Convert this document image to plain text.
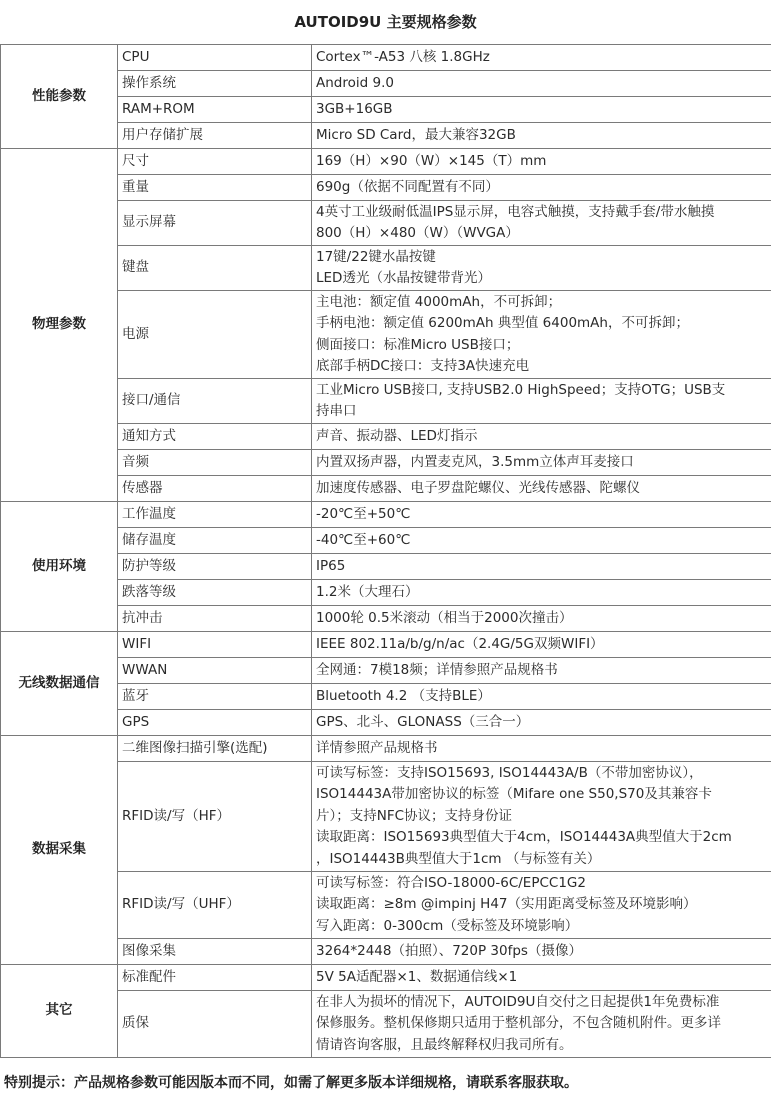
AUTOID9U 主要规格参数
性能参数	CPU	Cortex™-A53 八核 1.8GHz

	操作系统	Android 9.0

	RAM+ROM	3GB+16GB

	用户存储扩展	Micro SD Card，最大兼容32GB

物理参数	尺寸	169（H）×90（W）×145（T）mm

	重量	690g（依据不同配置有不同）

	显示屏幕	4英寸工业级耐低温IPS显示屏，电容式触摸，支持戴手套/带水触摸
800（H）×480（W）（WVGA）

	键盘	17键/22键水晶按键
LED透光（水晶按键带背光）

	电源	主电池：额定值 4000mAh，不可拆卸；
手柄电池：额定值 6200mAh 典型值 6400mAh，不可拆卸；
侧面接口：标准Micro USB接口；
底部手柄DC接口：支持3A快速充电

	接口/通信	工业Micro USB接口, 支持USB2.0 HighSpeed；支持OTG；USB支
持串口

	通知方式	声音、振动器、LED灯指示

	音频	内置双扬声器，内置麦克风，3.5mm立体声耳麦接口

	传感器	加速度传感器、电子罗盘陀螺仪、光线传感器、陀螺仪

使用环境	工作温度	-20℃至+50℃

	储存温度	-40℃至+60℃

	防护等级	IP65

	跌落等级	1.2米（大理石）

	抗冲击	1000轮 0.5米滚动（相当于2000次撞击）

无线数据通信	WIFI	IEEE 802.11a/b/g/n/ac（2.4G/5G双频WIFI）

	WWAN	全网通：7模18频；详情参照产品规格书

	蓝牙	Bluetooth 4.2 （支持BLE）

	GPS	GPS、北斗、GLONASS（三合一）

数据采集	二维图像扫描引擎(选配)	详情参照产品规格书

	RFID读/写（HF）	可读写标签：支持ISO15693, ISO14443A/B（不带加密协议），
ISO14443A带加密协议的标签（Mifare one S50,S70及其兼容卡
片）；支持NFC协议；支持身份证
读取距离：ISO15693典型值大于4cm，ISO14443A典型值大于2cm
，ISO14443B典型值大于1cm （与标签有关）

	RFID读/写（UHF）	可读写标签：符合ISO-18000-6C/EPCC1G2
读取距离：≥8m @impinj H47（实用距离受标签及环境影响）
写入距离：0-300cm（受标签及环境影响）

	图像采集	3264*2448（拍照）、720P 30fps（摄像）

其它	标准配件	5V 5A适配器×1、数据通信线×1

	质保	在非人为损坏的情况下，AUTOID9U自交付之日起提供1年免费标准
保修服务。整机保修期只适用于整机部分，不包含随机附件。更多详
情请咨询客服，且最终解释权归我司所有。
特别提示：产品规格参数可能因版本而不同，如需了解更多版本详细规格，请联系客服获取。
